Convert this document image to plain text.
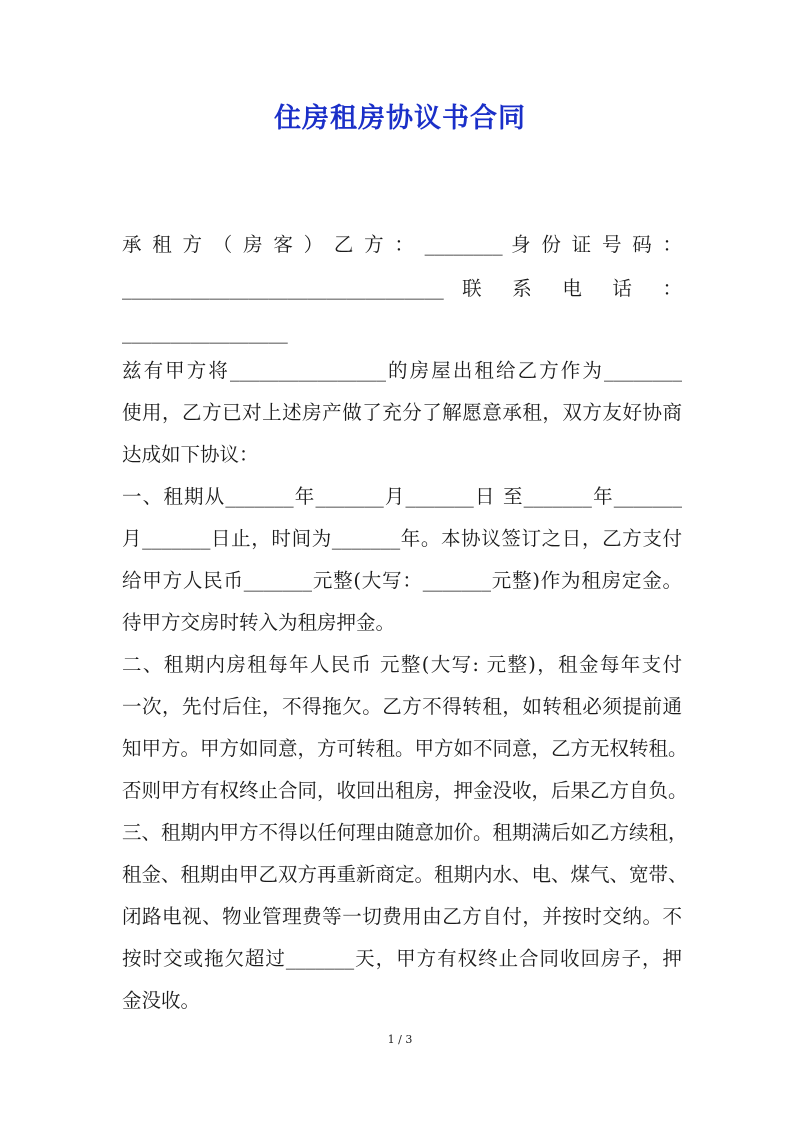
住房租房协议书合同
承 租 方 （ 房 客 ） 乙 方 ： ________ 身 份 证 号 码 ：
_________________________________ 联 系 电 话 ：
_________________
兹有甲方将________________的房屋出租给乙方作为________
使用，乙方已对上述房产做了充分了解愿意承租，双方友好协商
达成如下协议：
一、租期从_______年_______月_______日 至_______年_______
月_______日止，时间为_______年。本协议签订之日，乙方支付
给甲方人民币_______元整(大写：_______元整)作为租房定金。
待甲方交房时转入为租房押金。
二、租期内房租每年人民币 元整(大写: 元整)，租金每年支付
一次，先付后住，不得拖欠。乙方不得转租，如转租必须提前通
知甲方。甲方如同意，方可转租。甲方如不同意，乙方无权转租。
否则甲方有权终止合同，收回出租房，押金没收，后果乙方自负。
三、租期内甲方不得以任何理由随意加价。租期满后如乙方续租，
租金、租期由甲乙双方再重新商定。租期内水、电、煤气、宽带、
闭路电视、物业管理费等一切费用由乙方自付，并按时交纳。不
按时交或拖欠超过_______天，甲方有权终止合同收回房子，押
金没收。
1 / 3
